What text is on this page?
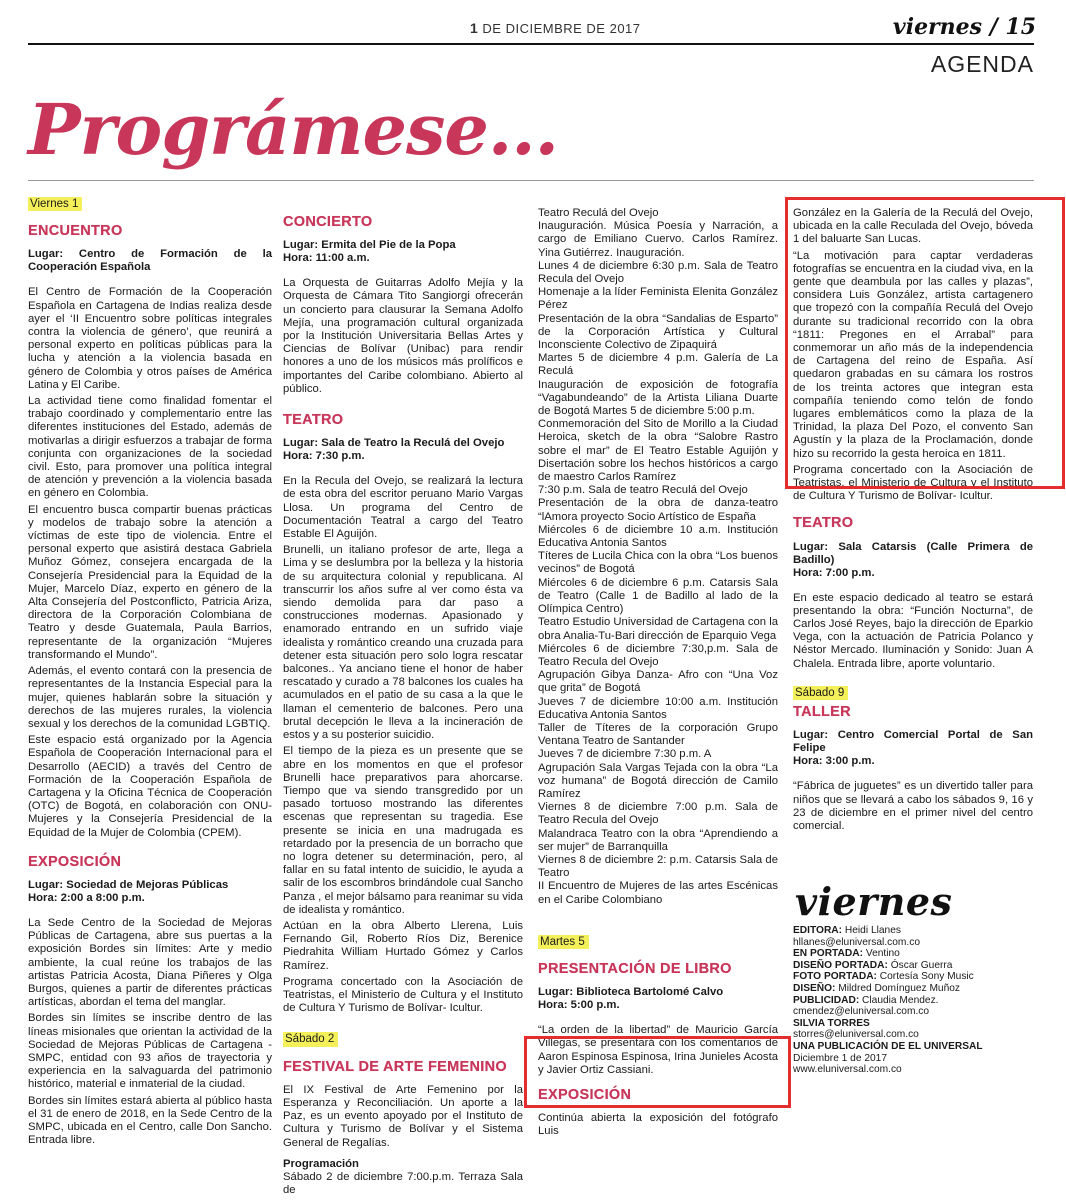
1 DE DICIEMBRE DE 2017	viernes / 15
AGENDA
Prográmese...
Viernes 1
ENCUENTRO
Lugar: Centro de Formación de la Cooperación Española

El Centro de Formación de la Cooperación Española en Cartagena de Indias realiza desde ayer el ‘II Encuentro sobre políticas integrales contra la violencia de género’, que reunirá a personal experto en políticas públicas para la lucha y atención a la violencia basada en género de Colombia y otros países de América Latina y El Caribe.

La actividad tiene como finalidad fomentar el trabajo coordinado y complementario entre las diferentes instituciones del Estado, además de motivarlas a dirigir esfuerzos a trabajar de forma conjunta con organizaciones de la sociedad civil. Esto, para promover una política integral de atención y prevención a la violencia basada en género en Colombia.

El encuentro busca compartir buenas prácticas y modelos de trabajo sobre la atención a víctimas de este tipo de violencia. Entre el personal experto que asistirá destaca Gabriela Muñoz Gómez, consejera encargada de la Consejería Presidencial para la Equidad de la Mujer, Marcelo Díaz, experto en género de la Alta Consejería del Postconflicto, Patricia Ariza, directora de la Corporación Colombiana de Teatro y desde Guatemala, Paula Barrios, representante de la organización “Mujeres transformando el Mundo”.

Además, el evento contará con la presencia de representantes de la Instancia Especial para la mujer, quienes hablarán sobre la situación y derechos de las mujeres rurales, la violencia sexual y los derechos de la comunidad LGBTIQ.

Este espacio está organizado por la Agencia Española de Cooperación Internacional para el Desarrollo (AECID) a través del Centro de Formación de la Cooperación Española de Cartagena y la Oficina Técnica de Cooperación (OTC) de Bogotá, en colaboración con ONU-Mujeres y la Consejería Presidencial de la Equidad de la Mujer de Colombia (CPEM).

EXPOSICIÓN
Lugar: Sociedad de Mejoras Públicas
Hora: 2:00 a 8:00 p.m.

La Sede Centro de la Sociedad de Mejoras Públicas de Cartagena, abre sus puertas a la exposición Bordes sin límites: Arte y medio ambiente, la cual reúne los trabajos de las artistas Patricia Acosta, Diana Piñeres y Olga Burgos, quienes a partir de diferentes prácticas artísticas, abordan el tema del manglar.

Bordes sin límites se inscribe dentro de las líneas misionales que orientan la actividad de la Sociedad de Mejoras Públicas de Cartagena -SMPC, entidad con 93 años de trayectoria y experiencia en la salvaguarda del patrimonio histórico, material e inmaterial de la ciudad.

Bordes sin límites estará abierta al público hasta el 31 de enero de 2018, en la Sede Centro de la SMPC, ubicada en el Centro, calle Don Sancho. Entrada libre.

CONCIERTO
Lugar: Ermita del Pie de la Popa
Hora: 11:00 a.m.

La Orquesta de Guitarras Adolfo Mejía y la Orquesta de Cámara Tito Sangiorgi ofrecerán un concierto para clausurar la Semana Adolfo Mejía, una programación cultural organizada por la Institución Universitaria Bellas Artes y Ciencias de Bolívar (Unibac) para rendir honores a uno de los músicos más prolíficos e importantes del Caribe colombiano. Abierto al público.

TEATRO
Lugar: Sala de Teatro la Reculá del Ovejo
Hora: 7:30 p.m.

En la Recula del Ovejo, se realizará la lectura de esta obra del escritor peruano Mario Vargas Llosa. Un programa del Centro de Documentación Teatral a cargo del Teatro Estable El Aguijón.

Brunelli, un italiano profesor de arte, llega a Lima y se deslumbra por la belleza y la historia de su arquitectura colonial y republicana. Al transcurrir los años sufre al ver como ésta va siendo demolida para dar paso a construcciones modernas. Apasionado y enamorado entrando en un sufrido viaje idealista y romántico creando una cruzada para detener esta situación pero solo logra rescatar balcones.. Ya anciano tiene el honor de haber rescatado y curado a 78 balcones los cuales ha acumulados en el patio de su casa a la que le llaman el cementerio de balcones. Pero una brutal decepción le lleva a la incineración de estos y a su posterior suicidio.

El tiempo de la pieza es un presente que se abre en los momentos en que el profesor Brunelli hace preparativos para ahorcarse. Tiempo que va siendo transgredido por un pasado tortuoso mostrando las diferentes escenas que representan su tragedia. Ese presente se inicia en una madrugada es retardado por la presencia de un borracho que no logra detener su determinación, pero, al fallar en su fatal intento de suicidio, le ayuda a salir de los escombros brindándole cual Sancho Panza , el mejor bálsamo para reanimar su vida de idealista y romántico.

Actúan en la obra Alberto Llerena, Luis Fernando Gil, Roberto Ríos Diz, Berenice Piedrahita William Hurtado Gómez y Carlos Ramírez.

Programa concertado con la Asociación de Teatristas, el Ministerio de Cultura y el Instituto de Cultura Y Turismo de Bolívar- Icultur.

Sábado 2
FESTIVAL DE ARTE FEMENINO

El IX Festival de Arte Femenino por la Esperanza y Reconciliación. Un aporte a la Paz, es un evento apoyado por el Instituto de Cultura y Turismo de Bolívar y el Sistema General de Regalías.

Programación

Sábado 2 de diciembre 7:00.p.m. Terraza Sala de

Teatro Reculá del Ovejo

Inauguración. Música Poesía y Narración, a cargo de Emiliano Cuervo. Carlos Ramírez. Yina Gutiérrez. Inauguración.

Lunes 4 de diciembre 6:30 p.m. Sala de Teatro Recula del Ovejo

Homenaje a la líder Feminista Elenita González Pérez

Presentación de la obra “Sandalias de Esparto” de la Corporación Artística y Cultural Inconsciente Colectivo de Zipaquirá

Martes 5 de diciembre 4 p.m. Galería de La Reculá

Inauguración de exposición de fotografía “Vagabundeando” de la Artista Liliana Duarte de Bogotá Martes 5 de diciembre 5:00 p.m.

Conmemoración del Sito de Morillo a la Ciudad Heroica, sketch de la obra “Salobre Rastro sobre el mar” de El Teatro Estable Aguijón y Disertación sobre los hechos históricos a cargo de maestro Carlos Ramírez

7:30 p.m. Sala de teatro Reculá del Ovejo

Presentación de la obra de danza-teatro “lAmora proyecto Socio Artístico de España

Miércoles 6 de diciembre 10 a.m. Institución Educativa Antonia Santos

Títeres de Lucila Chica con la obra “Los buenos vecinos” de Bogotá

Miércoles 6 de diciembre 6 p.m. Catarsis Sala de Teatro (Calle 1 de Badillo al lado de la Olímpica Centro)

Teatro Estudio Universidad de Cartagena con la obra Analia-Tu-Bari dirección de Eparquio Vega

Miércoles 6 de diciembre 7:30,p.m. Sala de Teatro Recula del Ovejo

Agrupación Gibya Danza- Afro con “Una Voz que grita” de Bogotá

Jueves 7 de diciembre 10:00 a.m. Institución Educativa Antonia Santos

Taller de Títeres de la corporación Grupo Ventana Teatro de Santander

Jueves 7 de diciembre 7:30 p.m. A

Agrupación Sala Vargas Tejada con la obra “La voz humana” de Bogotá dirección de Camilo Ramírez

Viernes 8 de diciembre 7:00 p.m. Sala de Teatro Recula del Ovejo

Malandraca Teatro con la obra “Aprendiendo a ser mujer” de Barranquilla

Viernes 8 de diciembre 2: p.m. Catarsis Sala de Teatro

II Encuentro de Mujeres de las artes Escénicas en el Caribe Colombiano

Martes 5
PRESENTACIÓN DE LIBRO
Lugar: Biblioteca Bartolomé Calvo
Hora: 5:00 p.m.

“La orden de la libertad” de Mauricio García Villegas, se presentará con los comentarios de Aaron Espinosa Espinosa, Irina Junieles Acosta y Javier Ortiz Cassiani.

EXPOSICIÓN

Continúa abierta la exposición del fotógrafo Luis

González en la Galería de la Reculá del Ovejo, ubicada en la calle Reculada del Ovejo, bóveda 1 del baluarte San Lucas.

“La motivación para captar verdaderas fotografías se encuentra en la ciudad viva, en la gente que deambula por las calles y plazas”, considera Luis González, artista cartagenero que tropezó con la compañía Reculá del Ovejo durante su tradicional recorrido con la obra “1811: Pregones en el Arrabal” para conmemorar un año más de la independencia de Cartagena del reino de España. Así quedaron grabadas en su cámara los rostros de los treinta actores que integran esta compañía teniendo como telón de fondo lugares emblemáticos como la plaza de la Trinidad, la plaza Del Pozo, el convento San Agustín y la plaza de la Proclamación, donde hizo su recorrido la gesta heroica en 1811.

Programa concertado con la Asociación de Teatristas, el Ministerio de Cultura y el Instituto de Cultura Y Turismo de Bolívar- Icultur.

TEATRO
Lugar: Sala Catarsis (Calle Primera de Badillo)
Hora: 7:00 p.m.

En este espacio dedicado al teatro se estará presentando la obra: “Función Nocturna”, de Carlos José Reyes, bajo la dirección de Eparkio Vega, con la actuación de Patricia Polanco y Néstor Mercado. Iluminación y Sonido: Juan A Chalela. Entrada libre, aporte voluntario.

Sábado 9
TALLER
Lugar: Centro Comercial Portal de San Felipe
Hora: 3:00 p.m.

“Fábrica de juguetes” es un divertido taller para niños que se llevará a cabo los sábados 9, 16 y 23 de diciembre en el primer nivel del centro comercial.

viernes
EDITORA: Heidi Llanes
hllanes@eluniversal.com.co
EN PORTADA: Ventino
DISEÑO PORTADA: Óscar Guerra
FOTO PORTADA: Cortesía Sony Music
DISEÑO: Mildred Domínguez Muñoz
PUBLICIDAD: Claudia Mendez.
cmendez@eluniversal.com.co
SILVIA TORRES
storres@eluniversal.com.co
UNA PUBLICACIÓN DE EL UNIVERSAL
Diciembre 1 de 2017
www.eluniversal.com.co
